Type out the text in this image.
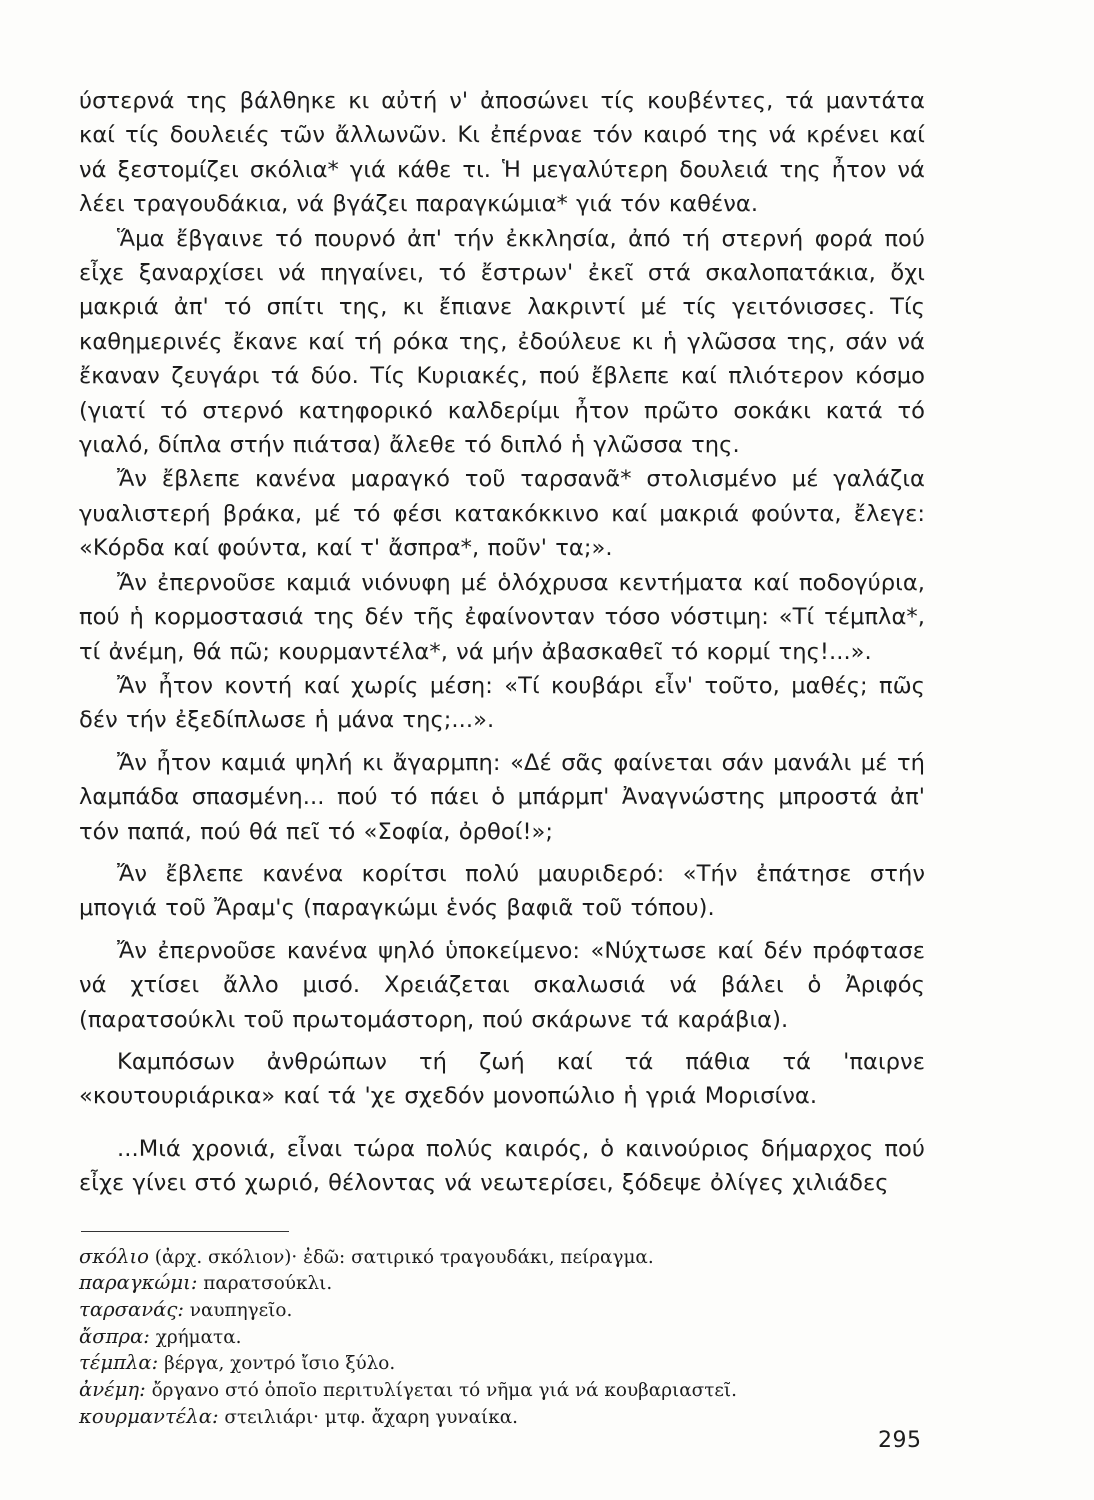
ύστερνά της βάλθηκε κι αὐτή ν' ἀποσώνει τίς κουβέντες, τά μαντάτα καί τίς δουλειές τῶν ἄλλωνῶν. Κι ἐπέρναε τόν καιρό της νά κρένει καί νά ξεστομίζει σκόλια* γιά κάθε τι. Ἡ μεγαλύτερη δουλειά της ἦτον νά λέει τραγουδάκια, νά βγάζει παραγκώμια* γιά τόν καθένα.

Ἅμα ἔβγαινε τό πουρνό ἀπ' τήν ἐκκλησία, ἀπό τή στερνή φορά πού εἶχε ξαναρχίσει νά πηγαίνει, τό ἔστρων' ἐκεῖ στά σκαλοπατάκια, ὄχι μακριά ἀπ' τό σπίτι της, κι ἔπιανε λακριντί μέ τίς γειτόνισσες. Τίς καθημερινές ἔκανε καί τή ρόκα της, ἐδούλευε κι ἡ γλῶσσα της, σάν νά ἔκαναν ζευγάρι τά δύο. Τίς Κυριακές, πού ἔβλεπε καί πλιότερον κόσμο (γιατί τό στερνό κατηφορικό καλδερίμι ἦτον πρῶτο σοκάκι κατά τό γιαλό, δίπλα στήν πιάτσα) ἄλεθε τό διπλό ἡ γλῶσσα της.

Ἄν ἔβλεπε κανένα μαραγκό τοῦ ταρσανᾶ* στολισμένο μέ γαλάζια γυαλιστερή βράκα, μέ τό φέσι κατακόκκινο καί μακριά φούντα, ἔλεγε: «Κόρδα καί φούντα, καί τ' ἄσπρα*, ποῦν' τα;».

Ἄν ἐπερνοῦσε καμιά νιόνυφη μέ ὁλόχρυσα κεντήματα καί ποδογύρια, πού ἡ κορμοστασιά της δέν τῆς ἐφαίνονταν τόσο νόστιμη: «Τί τέμπλα*, τί ἀνέμη, θά πῶ; κουρμαντέλα*, νά μήν ἀβασκαθεῖ τό κορμί της!...».

Ἄν ἦτον κοντή καί χωρίς μέση: «Τί κουβάρι εἶν' τοῦτο, μαθές; πῶς δέν τήν ἐξεδίπλωσε ἡ μάνα της;...».

Ἄν ἦτον καμιά ψηλή κι ἄγαρμπη: «Δέ σᾶς φαίνεται σάν μανάλι μέ τή λαμπάδα σπασμένη... πού τό πάει ὁ μπάρμπ' Ἀναγνώστης μπροστά ἀπ' τόν παπά, πού θά πεῖ τό «Σοφία, ὀρθοί!»;

Ἄν ἔβλεπε κανένα κορίτσι πολύ μαυριδερό: «Τήν ἐπάτησε στήν μπογιά τοῦ Ἄραμ'ς (παραγκώμι ἑνός βαφιᾶ τοῦ τόπου).

Ἄν ἐπερνοῦσε κανένα ψηλό ὑποκείμενο: «Νύχτωσε καί δέν πρόφτασε νά χτίσει ἄλλο μισό. Χρειάζεται σκαλωσιά νά βάλει ὁ Ἀριφός (παρατσούκλι τοῦ πρωτομάστορη, πού σκάρωνε τά καράβια).

Καμπόσων ἀνθρώπων τή ζωή καί τά πάθια τά 'παιρνε «κουτουριάρικα» καί τά 'χε σχεδόν μονοπώλιο ἡ γριά Μορισίνα.

...Μιά χρονιά, εἶναι τώρα πολύς καιρός, ὁ καινούριος δήμαρχος πού εἶχε γίνει στό χωριό, θέλοντας νά νεωτερίσει, ξόδεψε ὀλίγες χιλιάδες

σκόλιο (ἀρχ. σκόλιον)· ἐδῶ: σατιρικό τραγουδάκι, πείραγμα.

παραγκώμι: παρατσούκλι.

ταρσανάς: ναυπηγεῖο.

ἄσπρα: χρήματα.

τέμπλα: βέργα, χοντρό ἴσιο ξύλο.

ἀνέμη: ὄργανο στό ὁποῖο περιτυλίγεται τό νῆμα γιά νά κουβαριαστεῖ.

κουρμαντέλα: στειλιάρι· μτφ. ἄχαρη γυναίκα.

295
